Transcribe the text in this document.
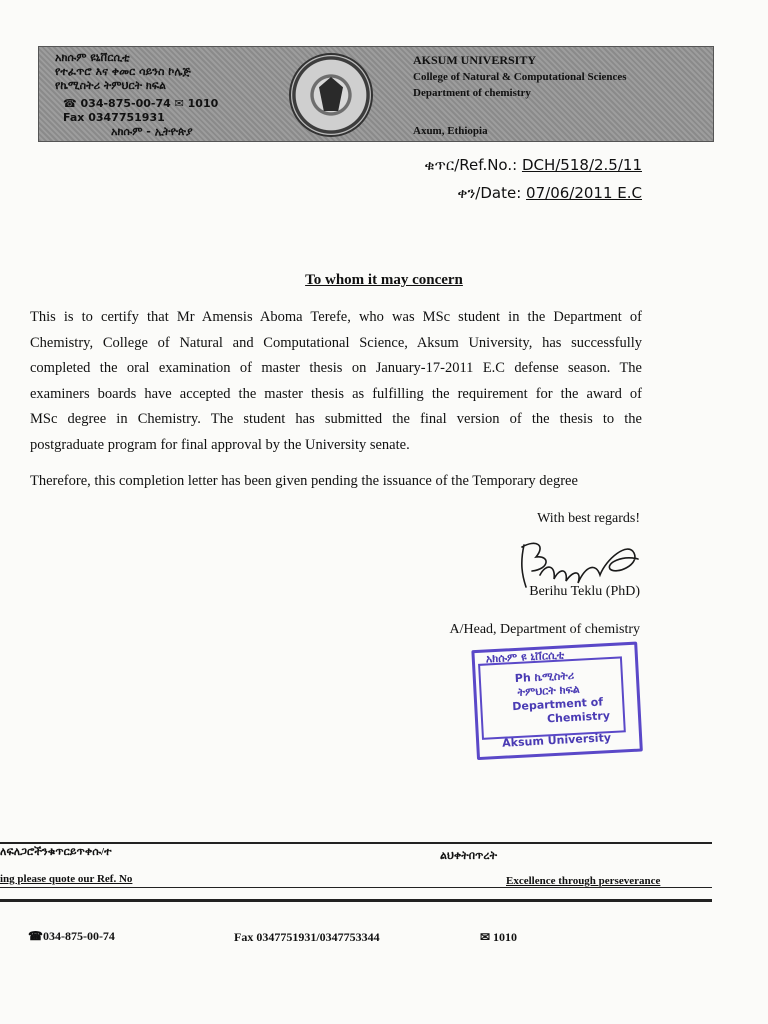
አክሱም ዩኒቨርሲቲ
የተፈጥሮ እና ቀመር ሳይንስ ኮሌጅ
የኬሚስትሪ ትምህርት ክፍል
☎ 034-875-00-74 ✉ 1010
Fax 0347751931
አክሱም - ኢትዮጵያ
AKSUM UNIVERSITY
College of Natural & Computational Sciences
Department of chemistry
Axum, Ethiopia
ቁጥር/Ref.No.: DCH/518/2.5/11
ቀን/Date: 07/06/2011 E.C
To whom it may concern
This is to certify that Mr Amensis Aboma Terefe, who was MSc student in the Department of
Chemistry, College of Natural and Computational Science, Aksum University, has successfully
completed the oral examination of master thesis on January-17-2011 E.C defense season. The
examiners boards have accepted the master thesis as fulfilling the requirement for the award of
MSc degree in Chemistry. The student has submitted the final version of the thesis to the
postgraduate program for final approval by the University senate.
Therefore, this completion letter has been given pending the issuance of the Temporary degree
With best regards!
Berihu Teklu (PhD)
A/Head, Department of chemistry
አክሱም ዩ ኒቨርሲቲ
Ph ኬሚስትሪ
ትምህርት ክፍል
Department of
Chemistry
Aksum University
ለፍለጋሮችንቁጥርይጥቀሱ/ተ	ልህቀትበጥረት
ing please quote our Ref. No	Excellence through perseverance
☎034-875-00-74	Fax 0347751931/0347753344	✉ 1010
